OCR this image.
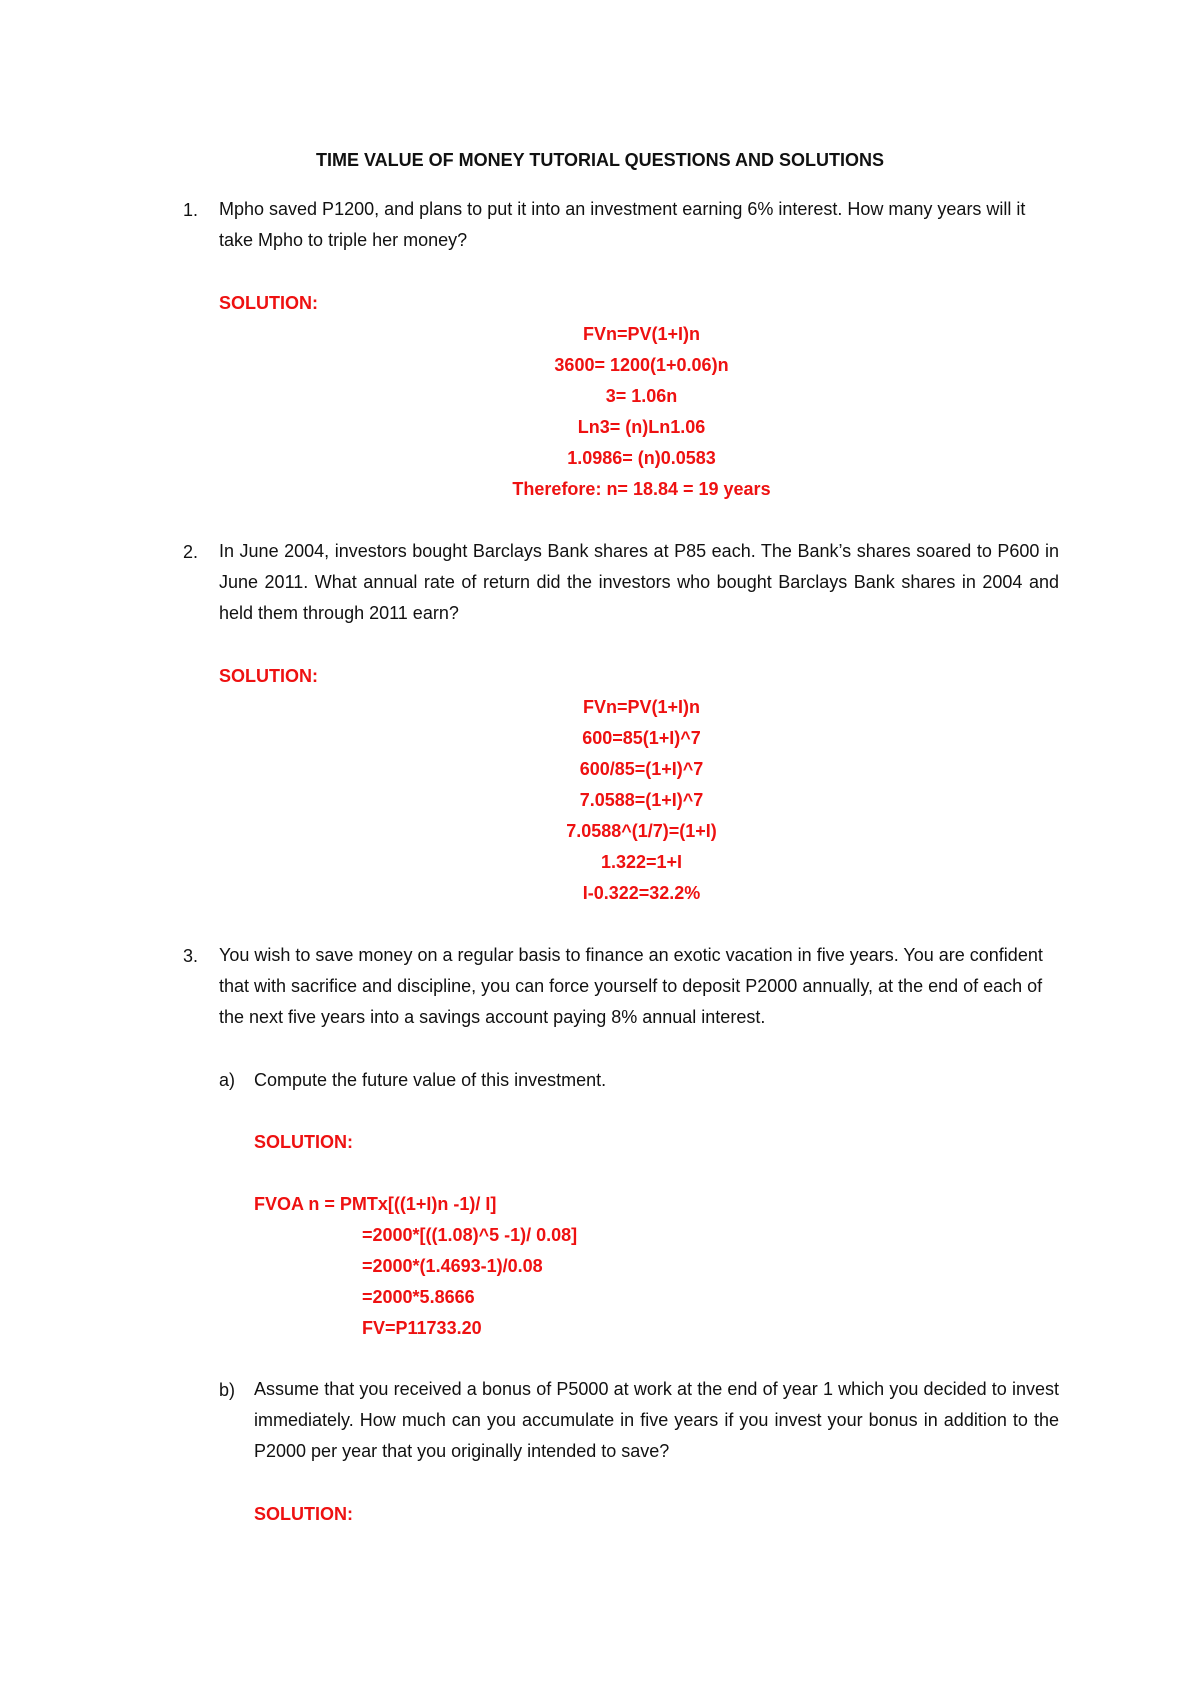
TIME VALUE OF MONEY TUTORIAL QUESTIONS AND SOLUTIONS
1. Mpho saved P1200, and plans to put it into an investment earning 6% interest. How many years will it take Mpho to triple her money?
SOLUTION:
FVn=PV(1+I)n
3600= 1200(1+0.06)n
3= 1.06n
Ln3= (n)Ln1.06
1.0986= (n)0.0583
Therefore: n= 18.84 = 19 years
2. In June 2004, investors bought Barclays Bank shares at P85 each. The Bank’s shares soared to P600 in June 2011. What annual rate of return did the investors who bought Barclays Bank shares in 2004 and held them through 2011 earn?
SOLUTION:
FVn=PV(1+I)n
600=85(1+I)^7
600/85=(1+I)^7
7.0588=(1+I)^7
7.0588^(1/7)=(1+I)
1.322=1+I
I-0.322=32.2%
3. You wish to save money on a regular basis to finance an exotic vacation in five years. You are confident that with sacrifice and discipline, you can force yourself to deposit P2000 annually, at the end of each of the next five years into a savings account paying 8% annual interest.
a) Compute the future value of this investment.
SOLUTION:
FVOA n = PMTx[((1+I)n -1)/ I]
=2000*[((1.08)^5 -1)/ 0.08]
=2000*(1.4693-1)/0.08
=2000*5.8666
FV=P11733.20
b) Assume that you received a bonus of P5000 at work at the end of year 1 which you decided to invest immediately. How much can you accumulate in five years if you invest your bonus in addition to the P2000 per year that you originally intended to save?
SOLUTION:
